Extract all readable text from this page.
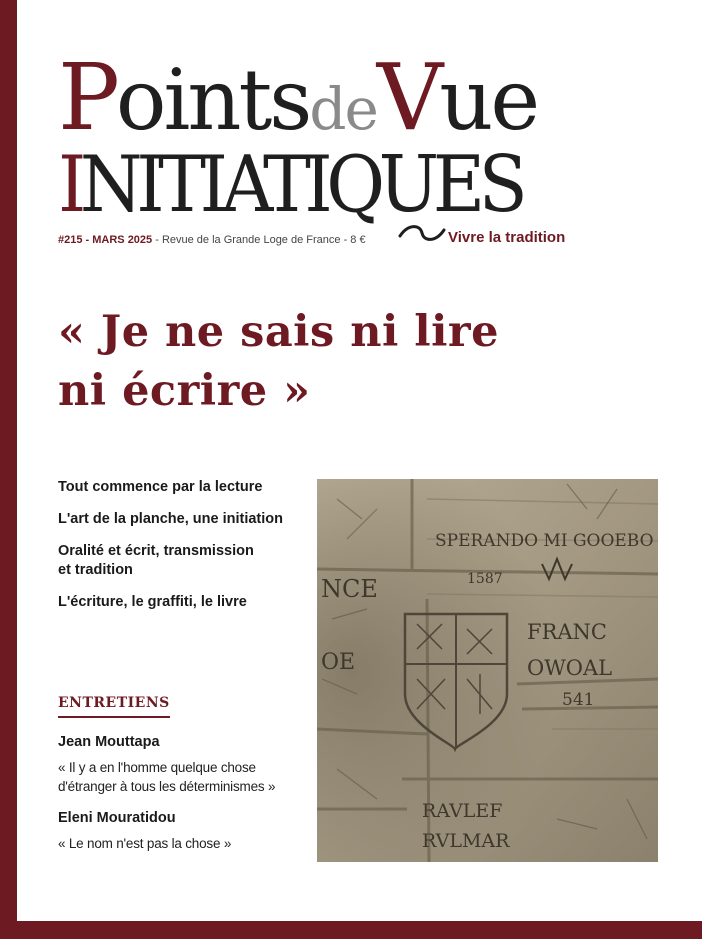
PointsdeVue
INITIATIQUES
#215 - MARS 2025 - Revue de la Grande Loge de France - 8 €	Vivre la tradition
« Je ne sais ni lire
ni écrire »
Tout commence par la lecture
L'art de la planche, une initiation
Oralité et écrit, transmission et tradition
L'écriture, le graffiti, le livre
ENTRETIENS
Jean Mouttapa
« Il y a en l'homme quelque chose d'étranger à tous les déterminismes »
Eleni Mouratidou
« Le nom n'est pas la chose »
SPERANDO MI GOOEBO
1587
FRANC
OWOAL
541
RAVLEF
RVLMAR
NCE
OE
